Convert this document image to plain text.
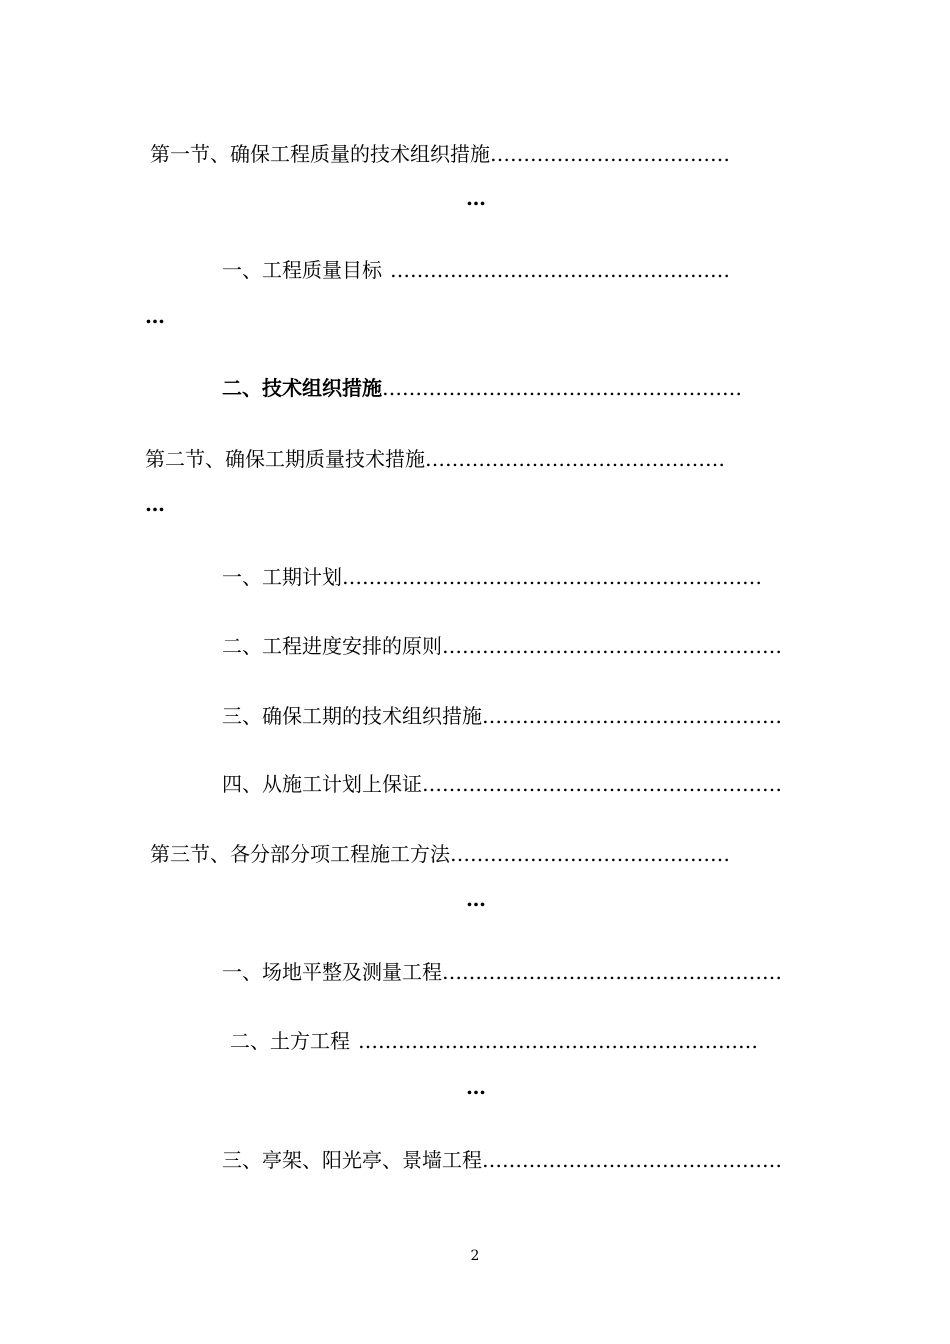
第一节、确保工程质量的技术组织措施………………………………
…
一、工程质量目标……………………………………………
…
二、技术组织措施………………………………………………
第二节、确保工期质量技术措施………………………………………
…
一、工期计划………………………………………………………
二、工程进度安排的原则……………………………………………
三、确保工期的技术组织措施………………………………………
四、从施工计划上保证………………………………………………
第三节、各分部分项工程施工方法……………………………………
…
一、场地平整及测量工程……………………………………………
二、土方工程……………………………………………………
…
三、亭架、阳光亭、景墙工程………………………………………
2
